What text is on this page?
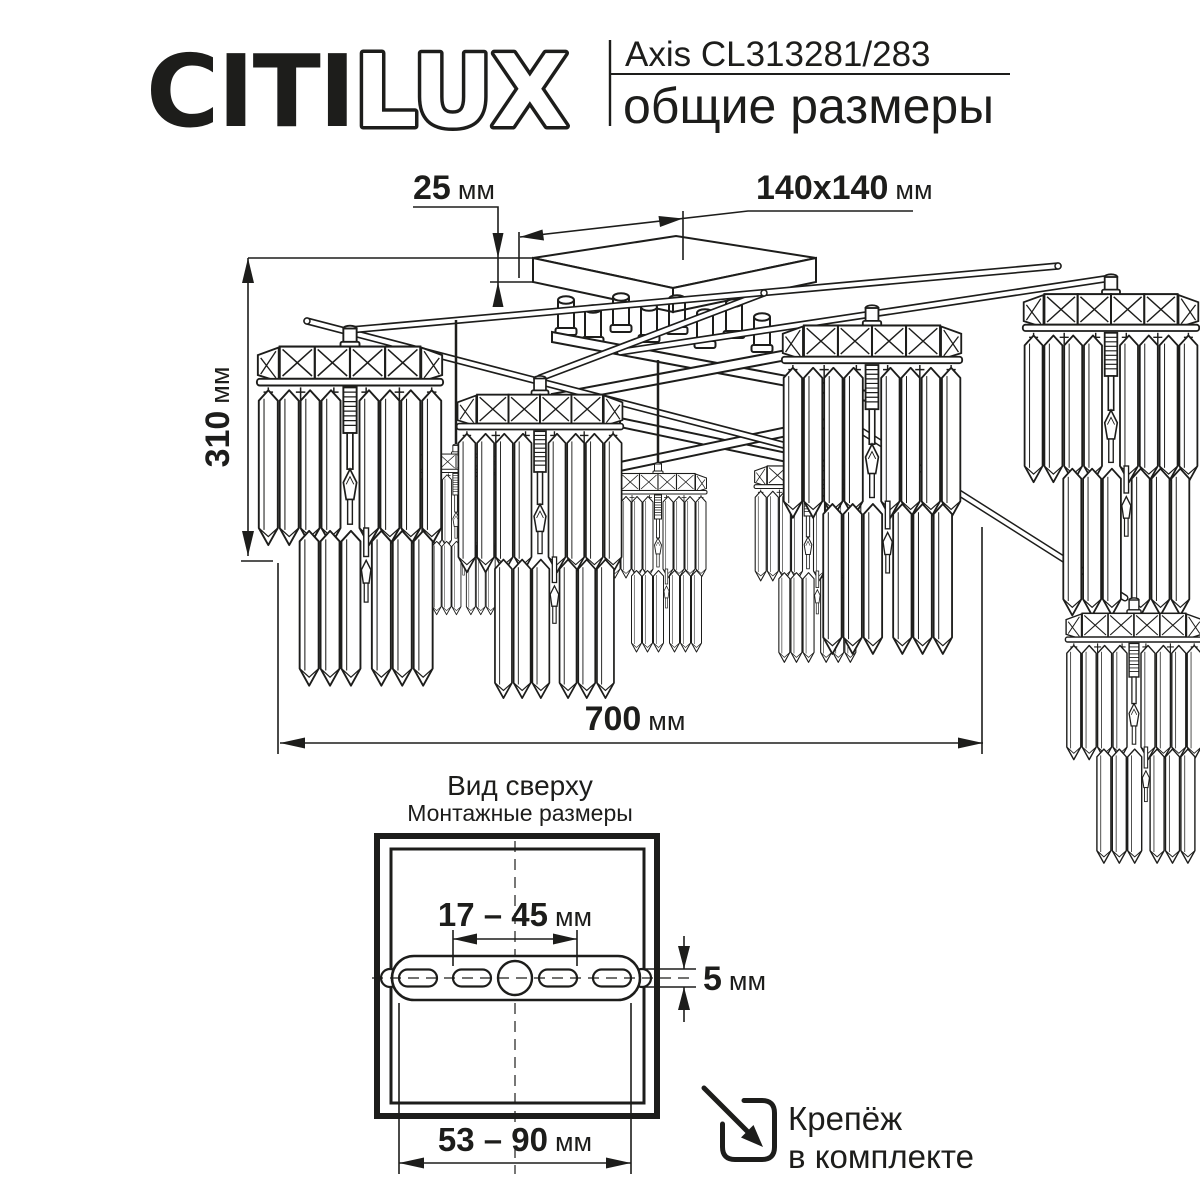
CITILUX Axis CL313281/283
общие размеры
25 мм	140x140 мм
310мм
700 мм
Вид сверху
Монтажные размеры
17 – 45 мм
5 мм
53 – 90 мм
Крепёж
в комплекте
